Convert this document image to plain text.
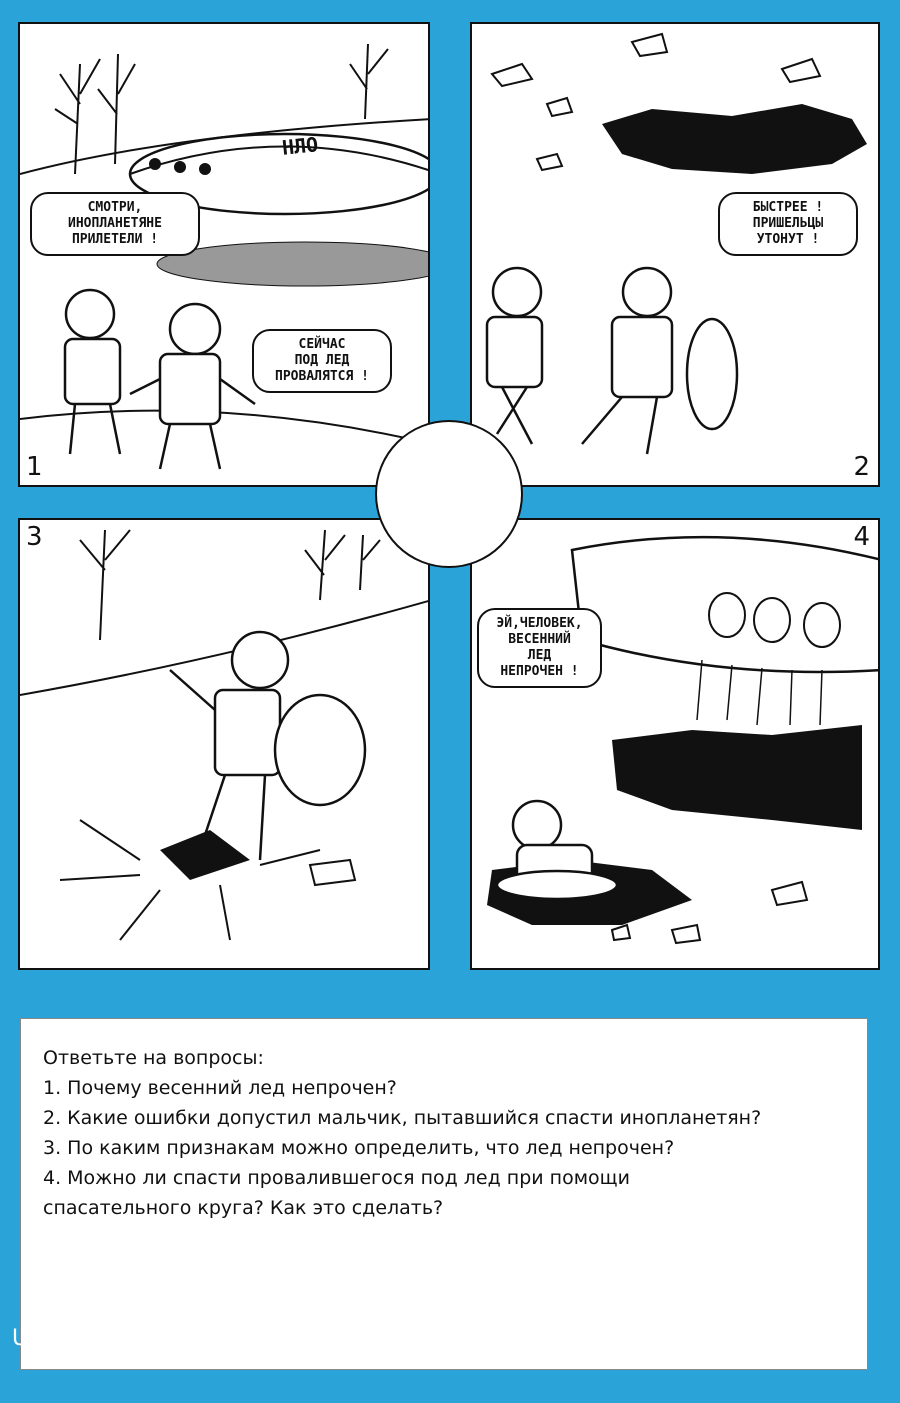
НЛО
СМОТРИ,
ИНОПЛАНЕТЯНЕ
ПРИЛЕТЕЛИ !
СЕЙЧАС
ПОД ЛЕД
ПРОВАЛЯТСЯ !
1
БЫСТРЕЕ !
ПРИШЕЛЬЦЫ
УТОНУТ !
2
3
ЭЙ,ЧЕЛОВЕК,
ВЕСЕННИЙ
ЛЕД
НЕПРОЧЕН !
4
Ответьте на вопросы:
1. Почему весенний лед непрочен?
2. Какие ошибки допустил мальчик, пытавшийся спасти инопланетян?
3. По каким признакам можно определить, что лед непрочен?
4. Можно ли спасти провалившегося под лед при помощи
спасательного круга? Как это сделать?
U
